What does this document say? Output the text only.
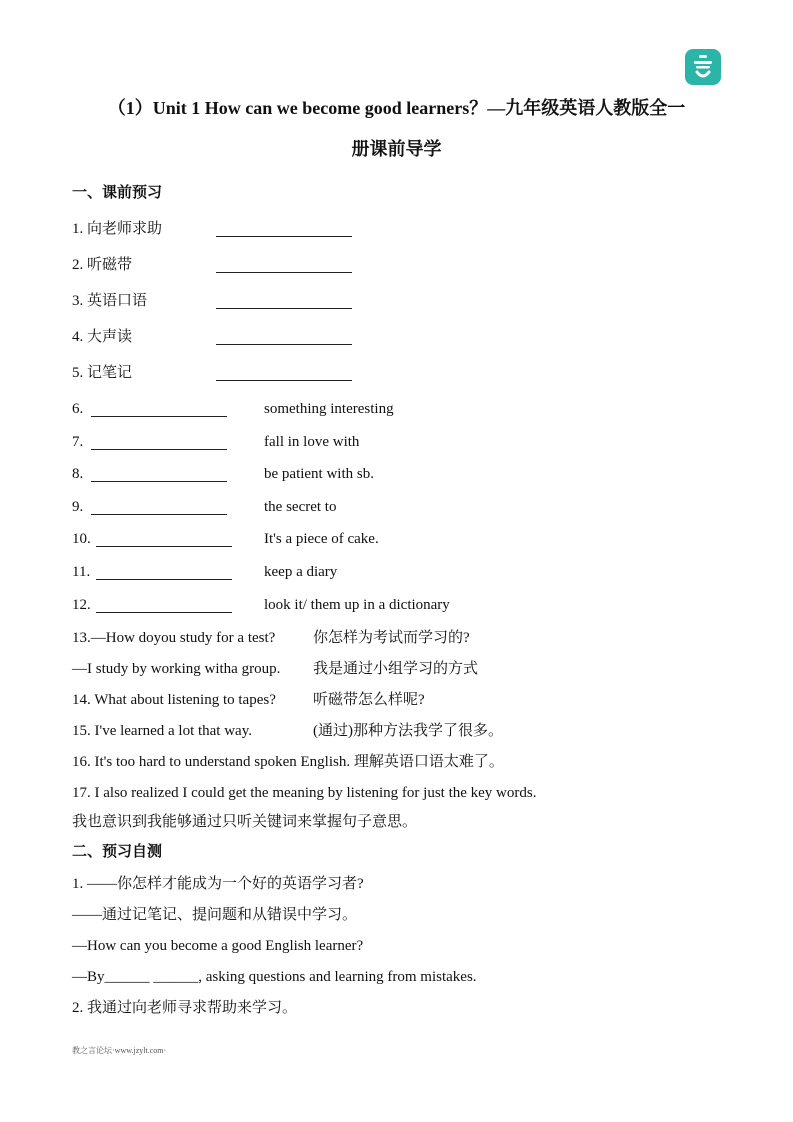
（1）Unit 1 How can we become good learners？—九年级英语人教版全一
册课前导学
一、课前预习
1. 向老师求助
2. 听磁带
3. 英语口语
4. 大声读
5. 记笔记
6.	something interesting
7.	fall in love with
8.	be patient with sb.
9.	the secret to
10.	It's a piece of cake.
11.	keep a diary
12.	look it/ them up in a dictionary
13.—How doyou study for a test?	你怎样为考试而学习的?
—I study by working witha group. 我是通过小组学习的方式
14. What about listening to tapes? 听磁带怎么样呢?
15. I've learned a lot that way.	(通过)那种方法我学了很多。
16. It's too hard to understand spoken English. 理解英语口语太难了。
17. I also realized I could get the meaning by listening for just the key words.
我也意识到我能够通过只听关键词来掌握句子意思。
二、预习自测
1. ——你怎样才能成为一个好的英语学习者?
——通过记笔记、提问题和从错误中学习。
—How can you become a good English learner?
—By______ ______, asking questions and learning from mistakes.
2. 我通过向老师寻求帮助来学习。
教之言论坛·www.jzylt.com·
